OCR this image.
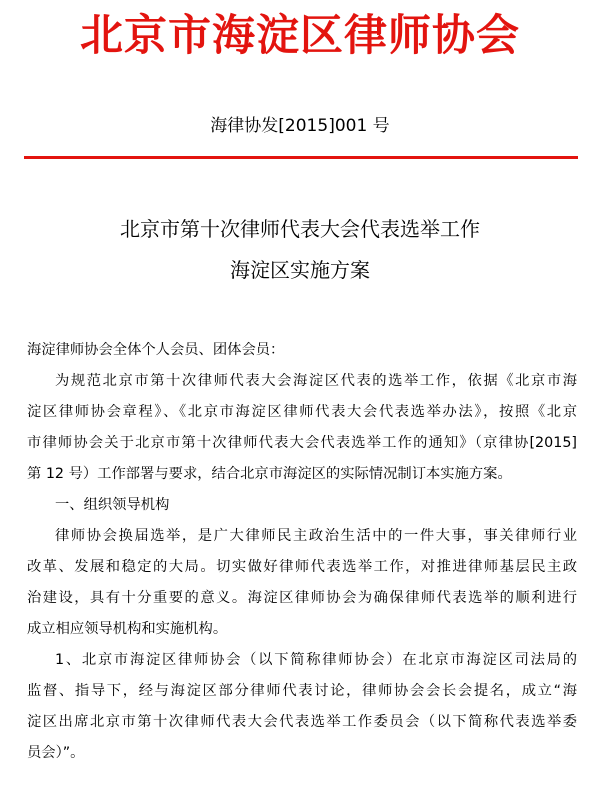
北京市海淀区律师协会
海律协发[2015]001 号
北京市第十次律师代表大会代表选举工作
海淀区实施方案
海淀律师协会全体个人会员、团体会员：
为规范北京市第十次律师代表大会海淀区代表的选举工作，依据《北京市海
淀区律师协会章程》、《北京市海淀区律师代表大会代表选举办法》，按照《北京
市律师协会关于北京市第十次律师代表大会代表选举工作的通知》（京律协[2015]
第 12 号）工作部署与要求，结合北京市海淀区的实际情况制订本实施方案。
一、组织领导机构
律师协会换届选举，是广大律师民主政治生活中的一件大事，事关律师行业
改革、发展和稳定的大局。切实做好律师代表选举工作，对推进律师基层民主政
治建设，具有十分重要的意义。海淀区律师协会为确保律师代表选举的顺利进行
成立相应领导机构和实施机构。
1、北京市海淀区律师协会（以下简称律师协会）在北京市海淀区司法局的
监督、指导下，经与海淀区部分律师代表讨论，律师协会会长会提名，成立“海
淀区出席北京市第十次律师代表大会代表选举工作委员会（以下简称代表选举委
员会）”。
